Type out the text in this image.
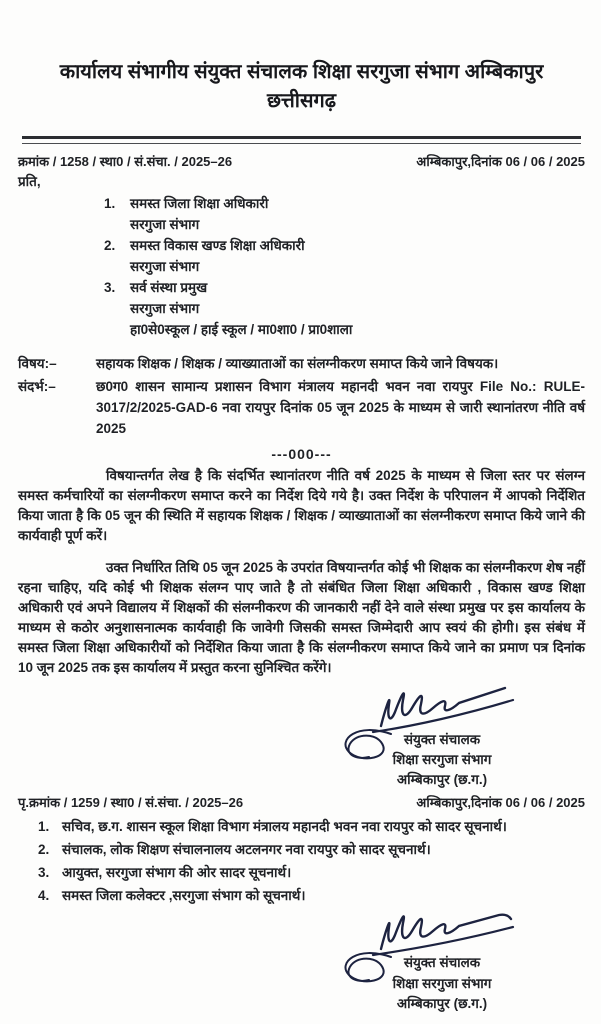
कार्यालय संभागीय संयुक्त संचालक शिक्षा सरगुजा संभाग अम्बिकापुर
छत्तीसगढ़
क्रमांक / 1258 / स्था0 / सं.संचा. / 2025–26	अम्बिकापुर,दिनांक 06 / 06 / 2025
प्रति,
1.	समस्त जिला शिक्षा अधिकारी
सरगुजा संभाग
2.	समस्त विकास खण्ड शिक्षा अधिकारी
सरगुजा संभाग
3.	सर्व संस्था प्रमुख
सरगुजा संभाग
हा0से0स्कूल / हाई स्कूल / मा0शा0 / प्रा0शाला
विषय:–	सहायक शिक्षक / शिक्षक / व्याख्याताओं का संलग्नीकरण समाप्त किये जाने विषयक।
संदर्भ:–	छ0ग0 शासन सामान्य प्रशासन विभाग मंत्रालय महानदी भवन नवा रायपुर File No.: RULE-3017/2/2025-GAD-6 नवा रायपुर दिनांक 05 जून 2025 के माध्यम से जारी स्थानांतरण नीति वर्ष 2025
---000---

विषयान्तर्गत लेख है कि संदर्भित स्थानांतरण नीति वर्ष 2025 के माध्यम से जिला स्तर पर संलग्न समस्त कर्मचारियों का संलग्नीकरण समाप्त करने का निर्देश दिये गये है। उक्त निर्देश के परिपालन में आपको निर्देशित किया जाता है कि 05 जून की स्थिति में सहायक शिक्षक / शिक्षक / व्याख्याताओं का संलग्नीकरण समाप्त किये जाने की कार्यवाही पूर्ण करें।

उक्त निर्धारित तिथि 05 जून 2025 के उपरांत विषयान्तर्गत कोई भी शिक्षक का संलग्नीकरण शेष नहीं रहना चाहिए, यदि कोई भी शिक्षक संलग्न पाए जाते है तो संबंधित जिला शिक्षा अधिकारी , विकास खण्ड शिक्षा अधिकारी एवं अपने विद्यालय में शिक्षकों की संलग्नीकरण की जानकारी नहीं देने वाले संस्था प्रमुख पर इस कार्यालय के माध्यम से कठोर अनुशासनात्मक कार्यवाही कि जावेगी जिसकी समस्त जिम्मेदारी आप स्वयं की होगी। इस संबंध में समस्त जिला शिक्षा अधिकारीयों को निर्देशित किया जाता है कि संलग्नीकरण समाप्त किये जाने का प्रमाण पत्र दिनांक 10 जून 2025 तक इस कार्यालय में प्रस्तुत करना सुनिश्चित करेंगे।

संयुक्त संचालक
शिक्षा सरगुजा संभाग
अम्बिकापुर (छ.ग.)
पृ.क्रमांक / 1259 / स्था0 / सं.संचा. / 2025–26	अम्बिकापुर,दिनांक 06 / 06 / 2025
1. सचिव, छ.ग. शासन स्कूल शिक्षा विभाग मंत्रालय महानदी भवन नवा रायपुर को सादर सूचनार्थ।
2. संचालक, लोक शिक्षण संचालनालय अटलनगर नवा रायपुर को सादर सूचनार्थ।
3. आयुक्त, सरगुजा संभाग की ओर सादर सूचनार्थ।
4. समस्त जिला कलेक्टर ,सरगुजा संभाग को सूचनार्थ।
संयुक्त संचालक
शिक्षा सरगुजा संभाग
अम्बिकापुर (छ.ग.)
